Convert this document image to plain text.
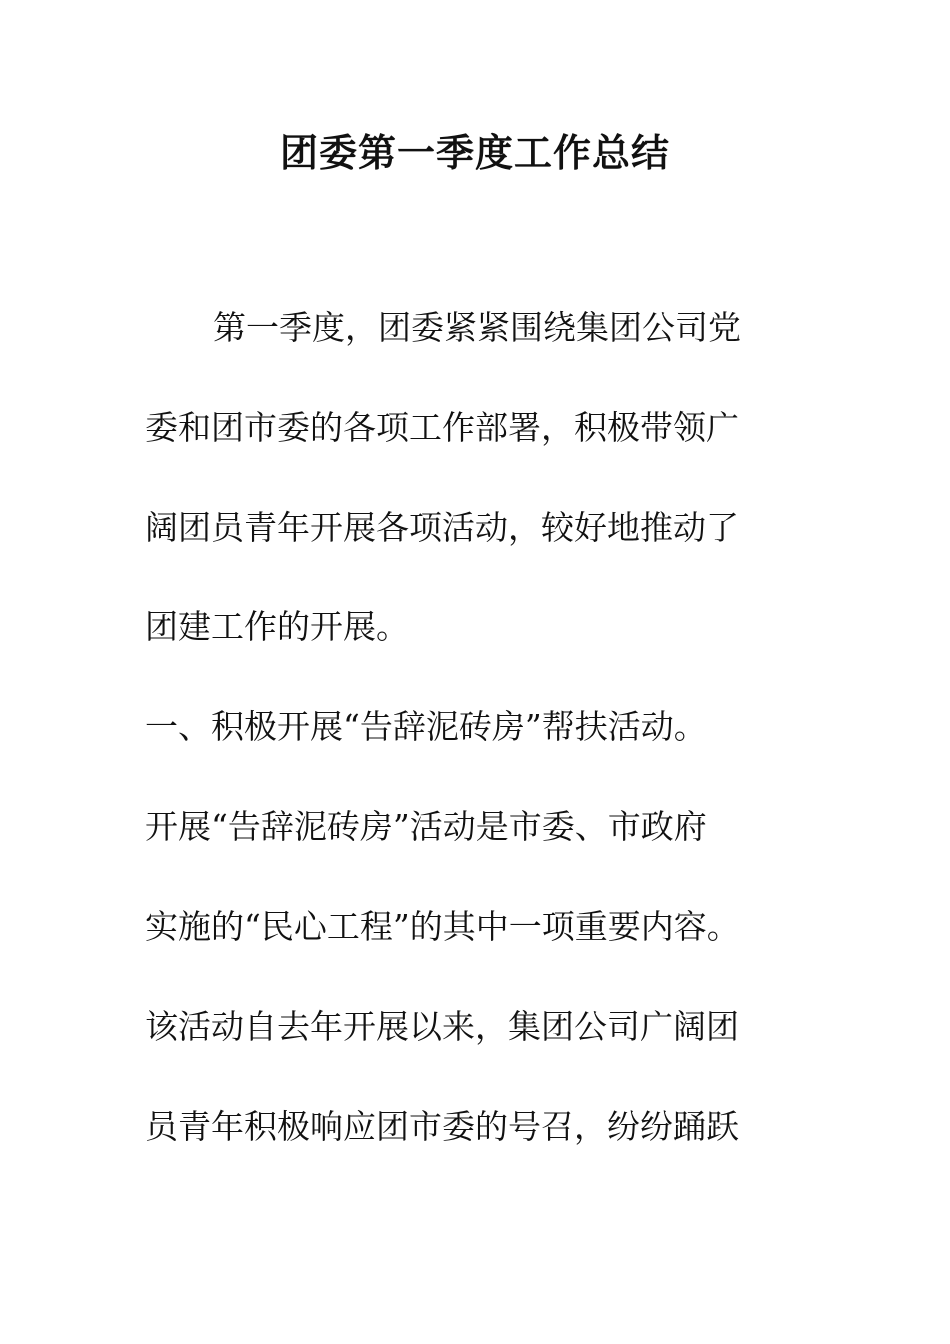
团委第一季度工作总结
第一季度，团委紧紧围绕集团公司党
委和团市委的各项工作部署，积极带领广
阔团员青年开展各项活动，较好地推动了
团建工作的开展。
一、积极开展“告辞泥砖房”帮扶活动。
开展“告辞泥砖房”活动是市委、市政府
实施的“民心工程”的其中一项重要内容。
该活动自去年开展以来，集团公司广阔团
员青年积极响应团市委的号召，纷纷踊跃
